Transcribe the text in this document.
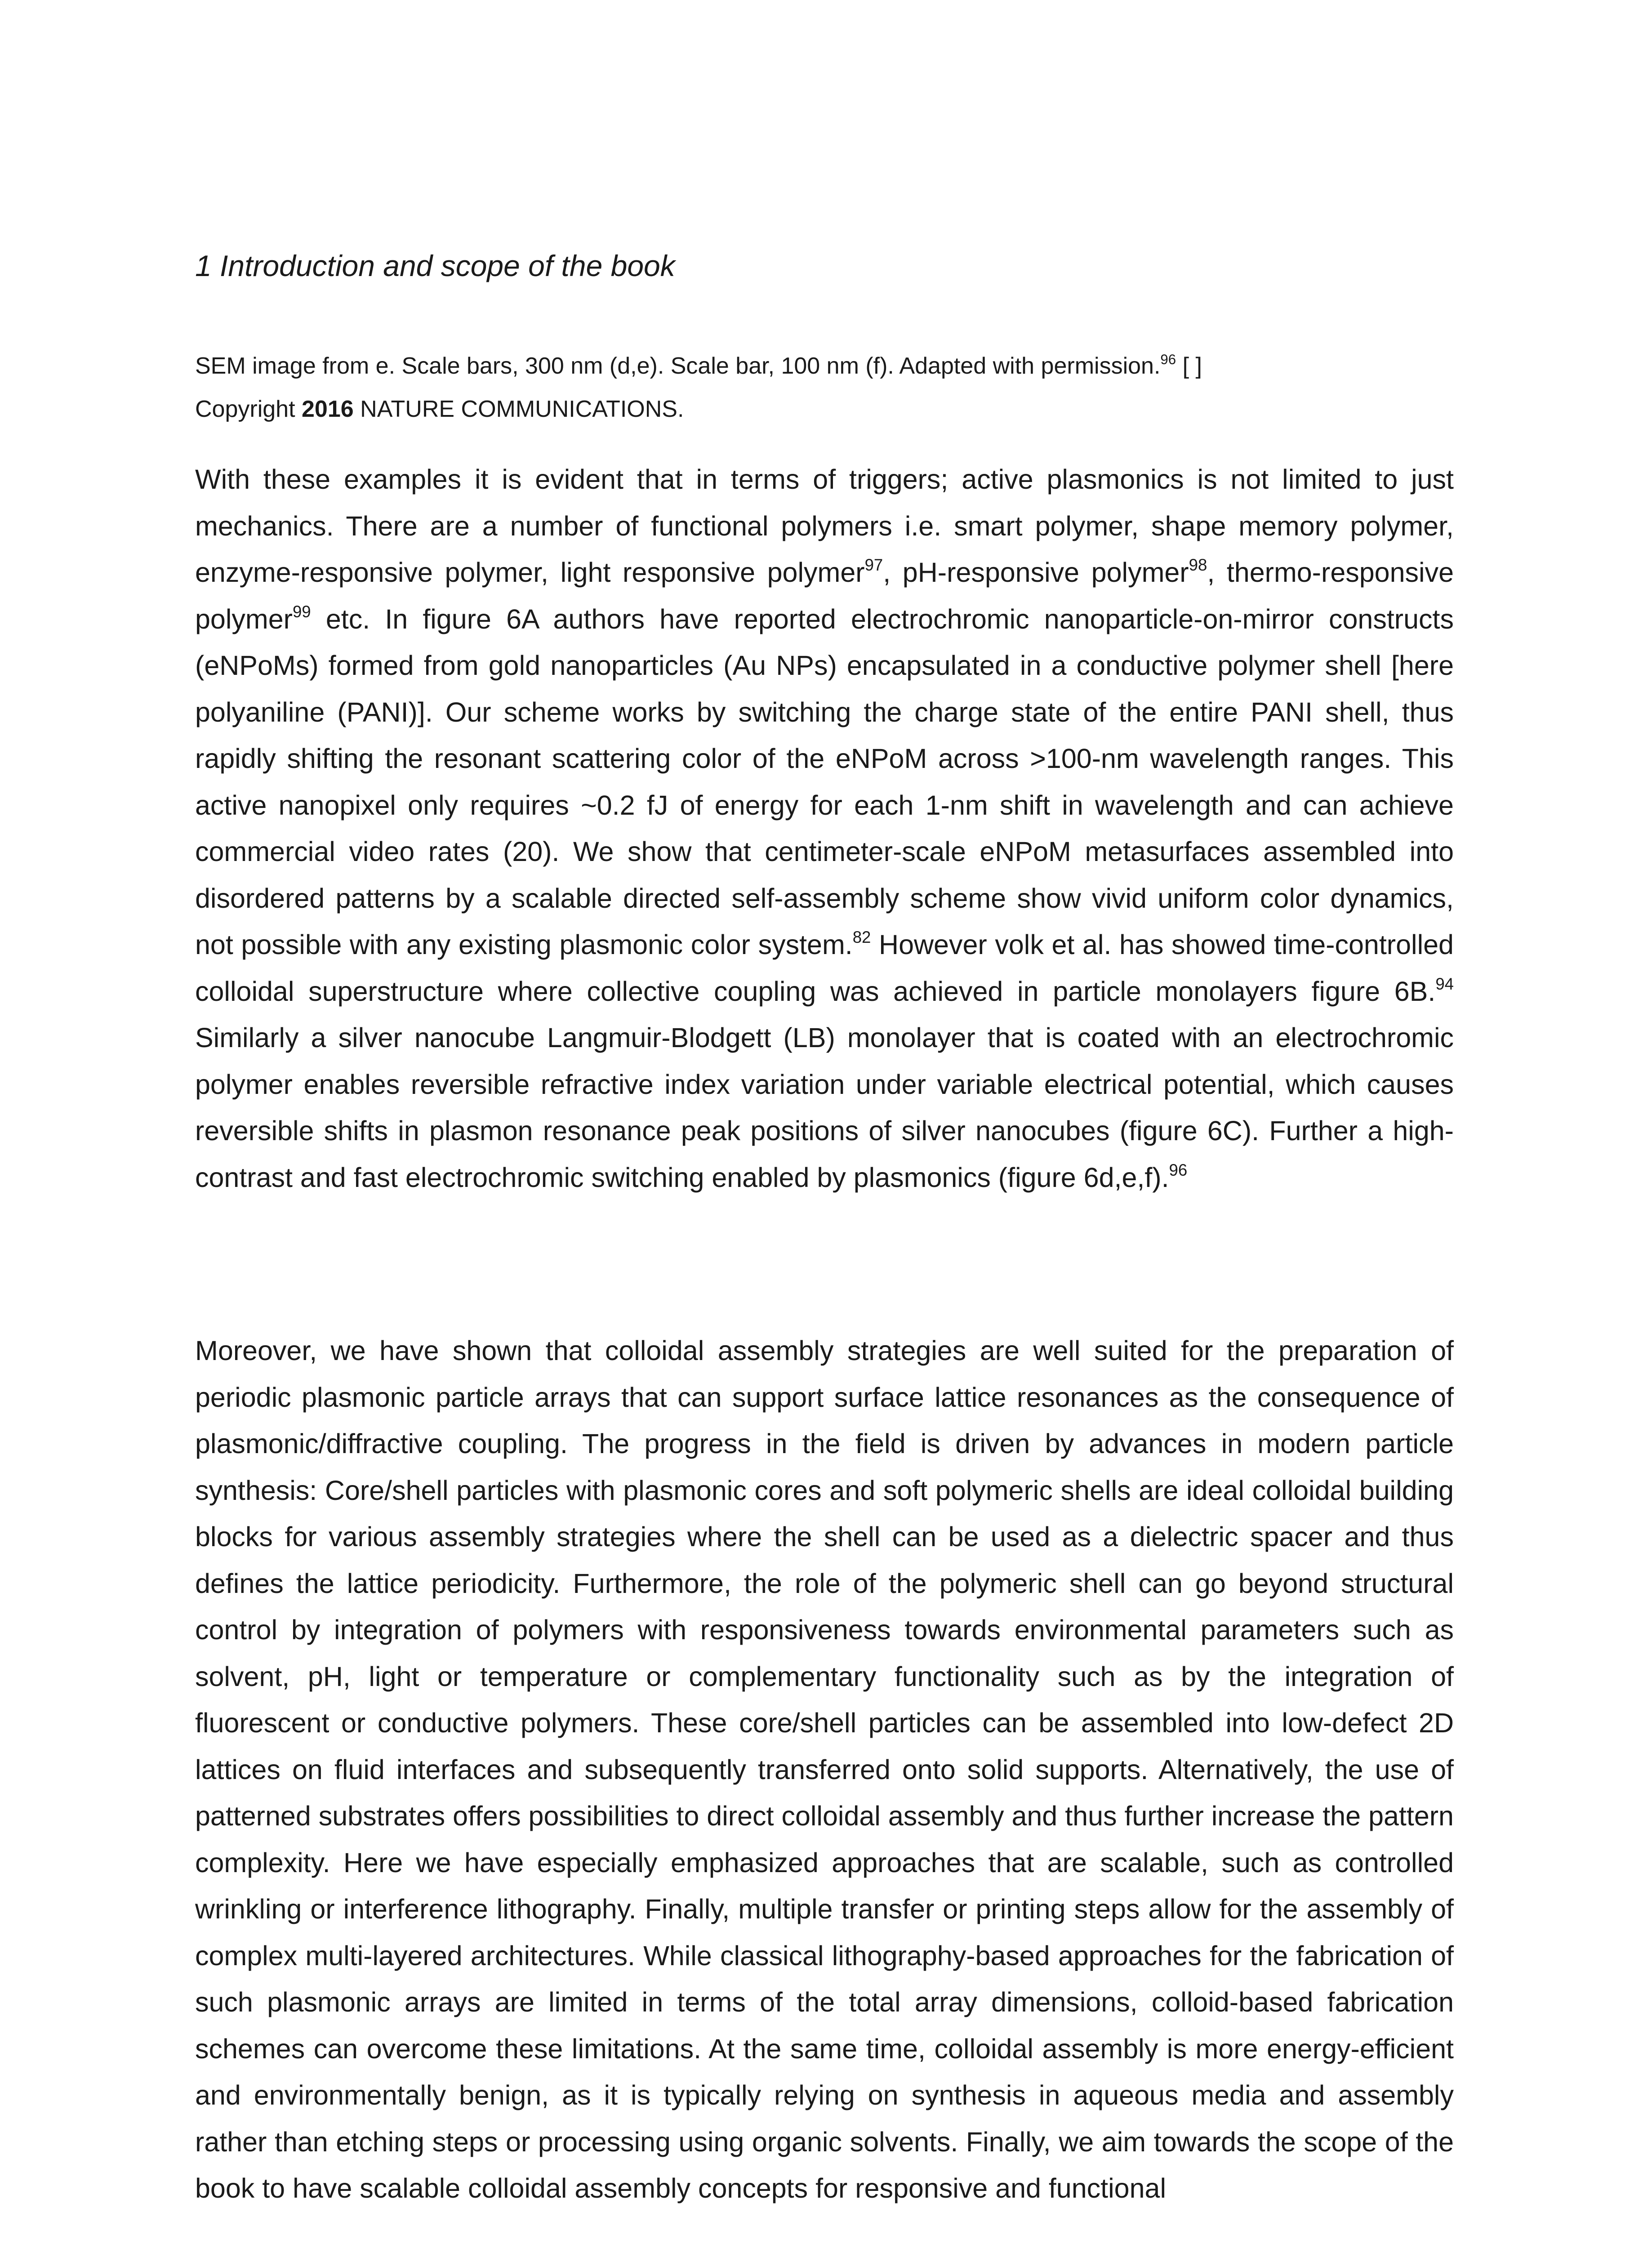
1 Introduction and scope of the book
SEM image from e. Scale bars, 300 nm (d,e). Scale bar, 100 nm (f). Adapted with permission.$^{96}$ [ ]
Copyright 2016 NATURE COMMUNICATIONS.

With these examples it is evident that in terms of triggers; active plasmonics is not limited to just mechanics. There are a number of functional polymers i.e. smart polymer, shape memory polymer, enzyme-responsive polymer, light responsive polymer$^{97}$, pH-responsive polymer$^{98}$, thermo-responsive polymer$^{99}$ etc. In figure 6A authors have reported electrochromic nanoparticle-on-mirror constructs (eNPoMs) formed from gold nanoparticles (Au NPs) encapsulated in a conductive polymer shell [here polyaniline (PANI)]. Our scheme works by switching the charge state of the entire PANI shell, thus rapidly shifting the resonant scattering color of the eNPoM across >100-nm wavelength ranges. This active nanopixel only requires ~0.2 fJ of energy for each 1-nm shift in wavelength and can achieve commercial video rates (20). We show that centimeter-scale eNPoM metasurfaces assembled into disordered patterns by a scalable directed self-assembly scheme show vivid uniform color dynamics, not possible with any existing plasmonic color system.$^{82}$ However volk et al. has showed time-controlled colloidal superstructure where collective coupling was achieved in particle monolayers figure 6B.$^{94}$ Similarly a silver nanocube Langmuir-Blodgett (LB) monolayer that is coated with an electrochromic polymer enables reversible refractive index variation under variable electrical potential, which causes reversible shifts in plasmon resonance peak positions of silver nanocubes (figure 6C). Further a high-contrast and fast electrochromic switching enabled by plasmonics (figure 6d,e,f).$^{96}$

Moreover, we have shown that colloidal assembly strategies are well suited for the preparation of periodic plasmonic particle arrays that can support surface lattice resonances as the consequence of plasmonic/diffractive coupling. The progress in the field is driven by advances in modern particle synthesis: Core/shell particles with plasmonic cores and soft polymeric shells are ideal colloidal building blocks for various assembly strategies where the shell can be used as a dielectric spacer and thus defines the lattice periodicity. Furthermore, the role of the polymeric shell can go beyond structural control by integration of polymers with responsiveness towards environmental parameters such as solvent, pH, light or temperature or complementary functionality such as by the integration of fluorescent or conductive polymers. These core/shell particles can be assembled into low-defect 2D lattices on fluid interfaces and subsequently transferred onto solid supports. Alternatively, the use of patterned substrates offers possibilities to direct colloidal assembly and thus further increase the pattern complexity. Here we have especially emphasized approaches that are scalable, such as controlled wrinkling or interference lithography. Finally, multiple transfer or printing steps allow for the assembly of complex multi-layered architectures. While classical lithography-based approaches for the fabrication of such plasmonic arrays are limited in terms of the total array dimensions, colloid-based fabrication schemes can overcome these limitations. At the same time, colloidal assembly is more energy-efficient and environmentally benign, as it is typically relying on synthesis in aqueous media and assembly rather than etching steps or processing using organic solvents. Finally, we aim towards the scope of the book to have scalable colloidal assembly concepts for responsive and functional
